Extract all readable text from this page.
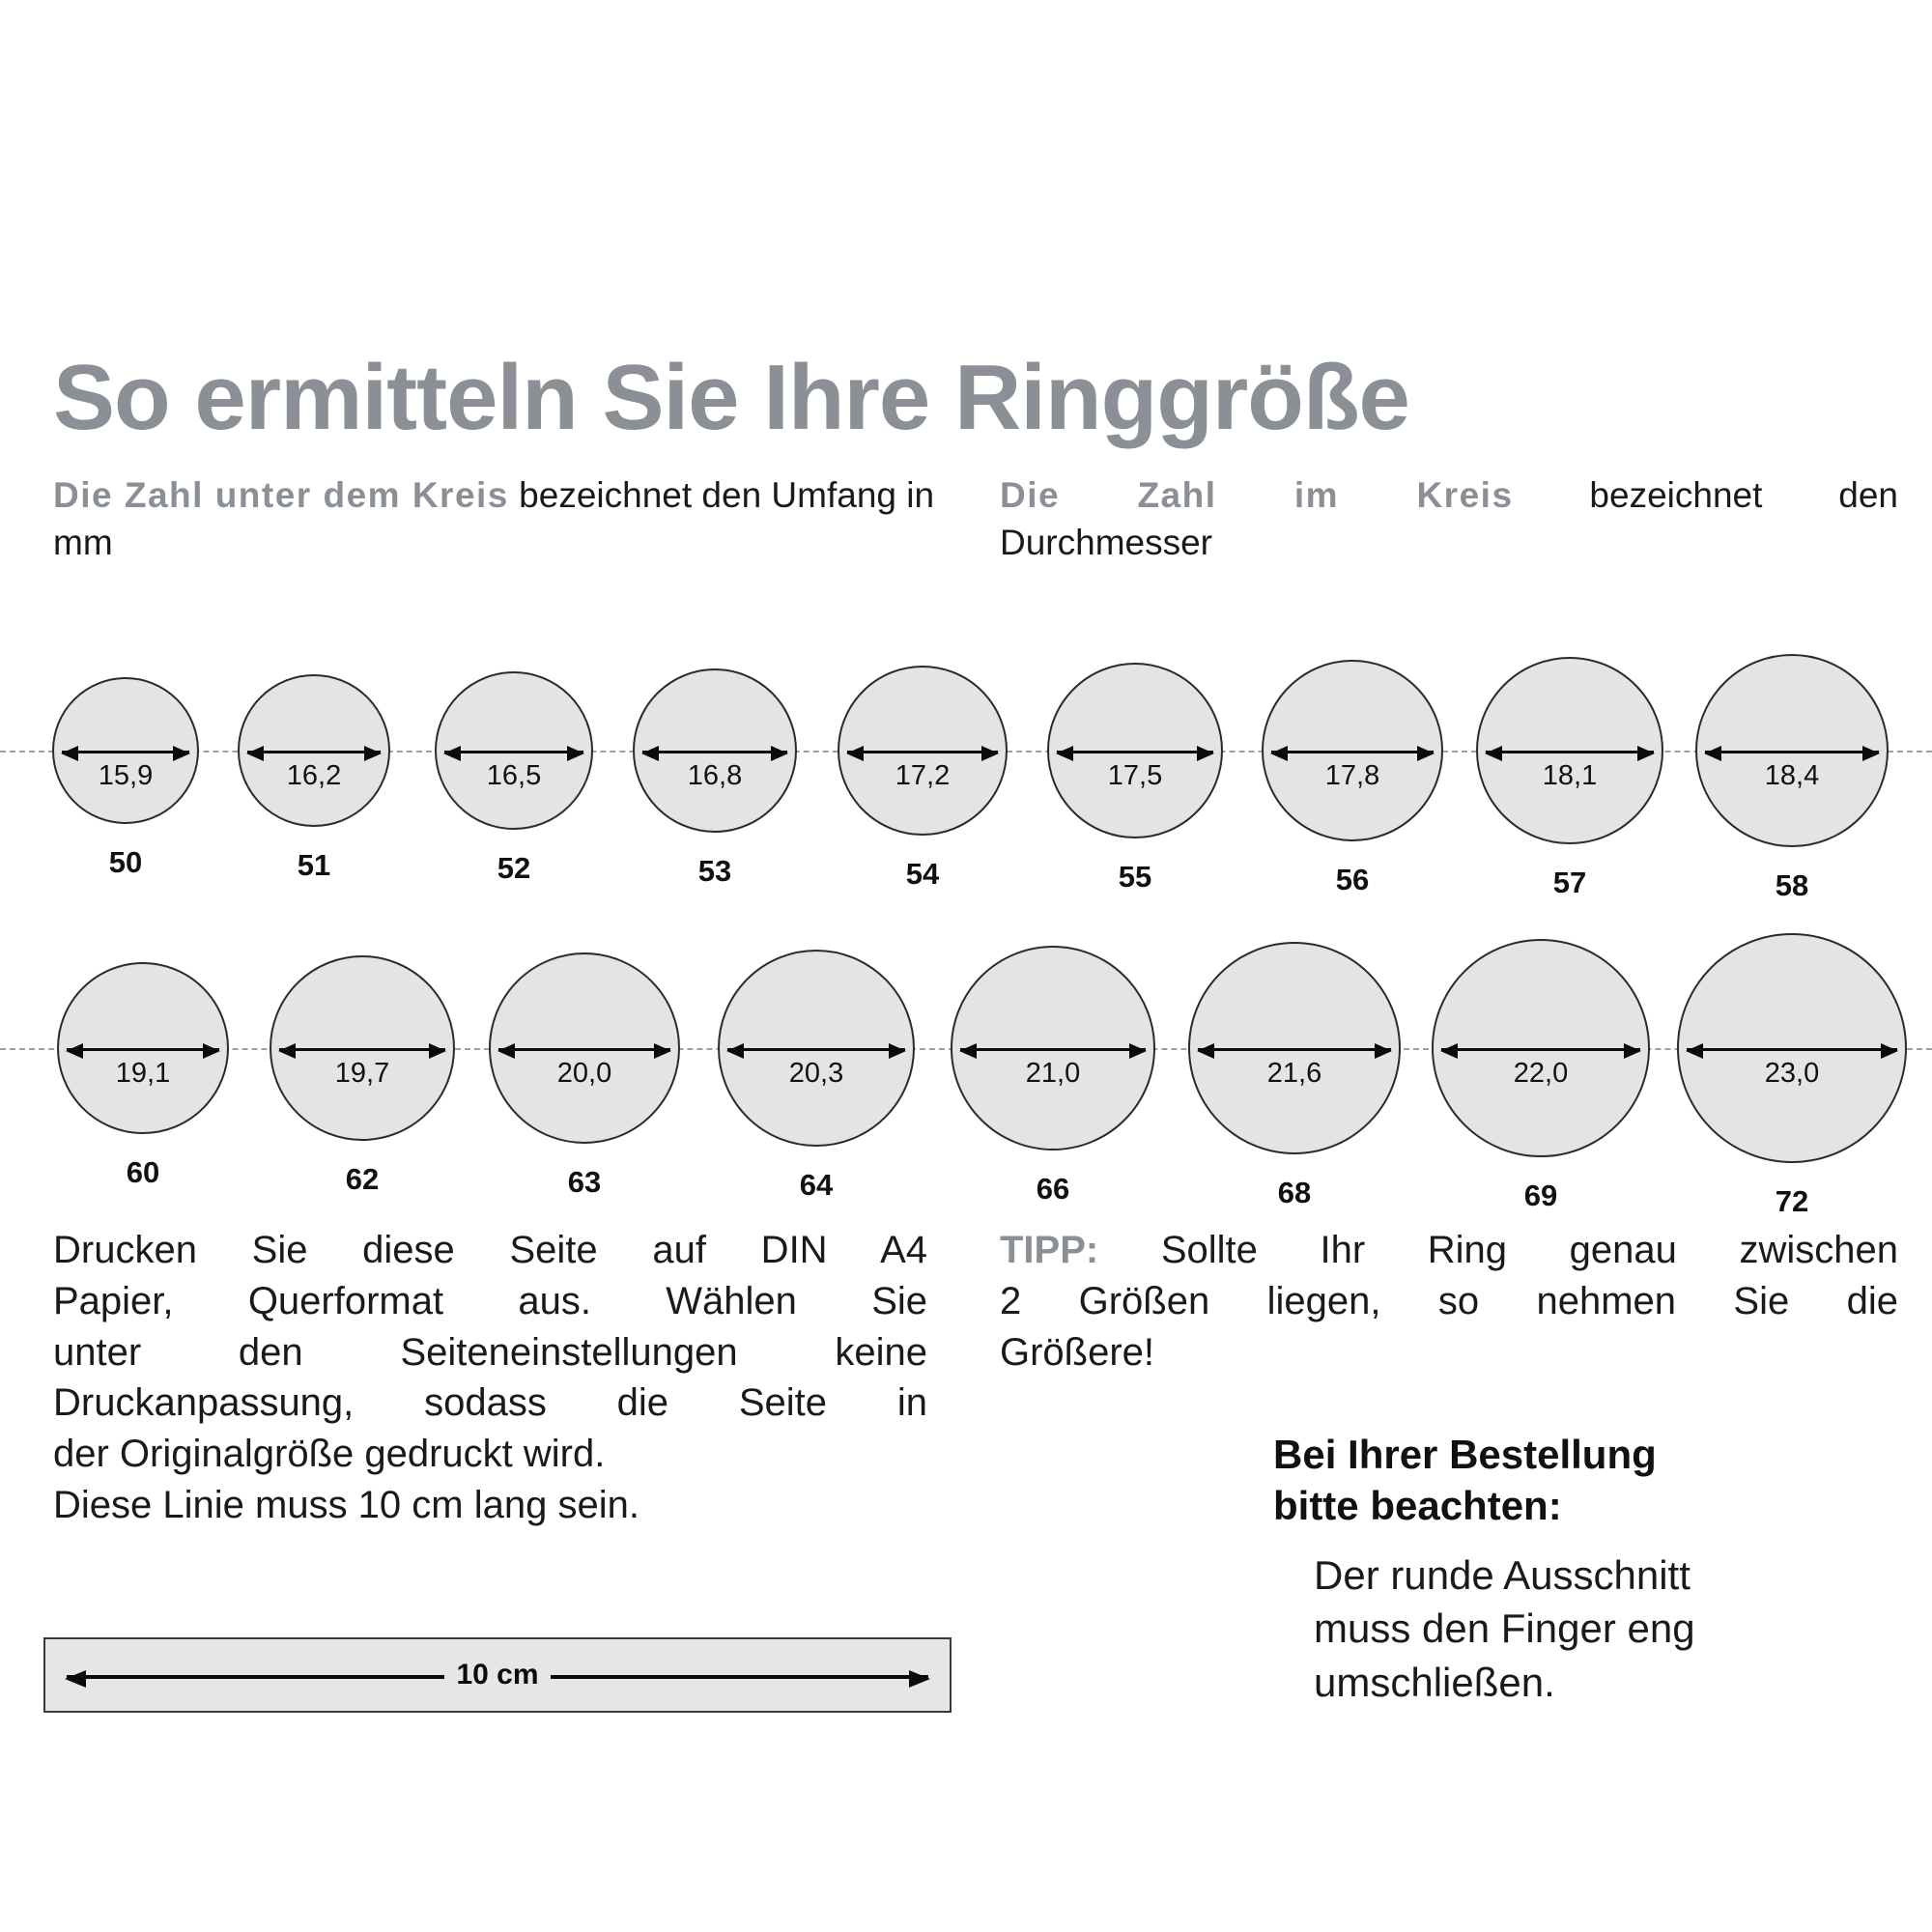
So ermitteln Sie Ihre Ringgröße
Die Zahl unter dem Kreis bezeichnet den Umfang in mm
Die Zahl im Kreis bezeichnet den
Durchmesser
15,9
50
16,2
51
16,5
52
16,8
53
17,2
54
17,5
55
17,8
56
18,1
57
18,4
58
19,1
60
19,7
62
20,0
63
20,3
64
21,0
66
21,6
68
22,0
69
23,0
72
Drucken Sie diese Seite auf DIN A4
Papier, Querformat aus. Wählen Sie
unter den Seiteneinstellungen keine
Druckanpassung, sodass die Seite in
der Originalgröße gedruckt wird.
Diese Linie muss 10 cm lang sein.
TIPP: Sollte Ihr Ring genau zwischen
2 Größen liegen, so nehmen Sie die
Größere!
Bei Ihrer Bestellung
bitte beachten:
Der runde Ausschnitt
muss den Finger eng
umschließen.
10 cm
